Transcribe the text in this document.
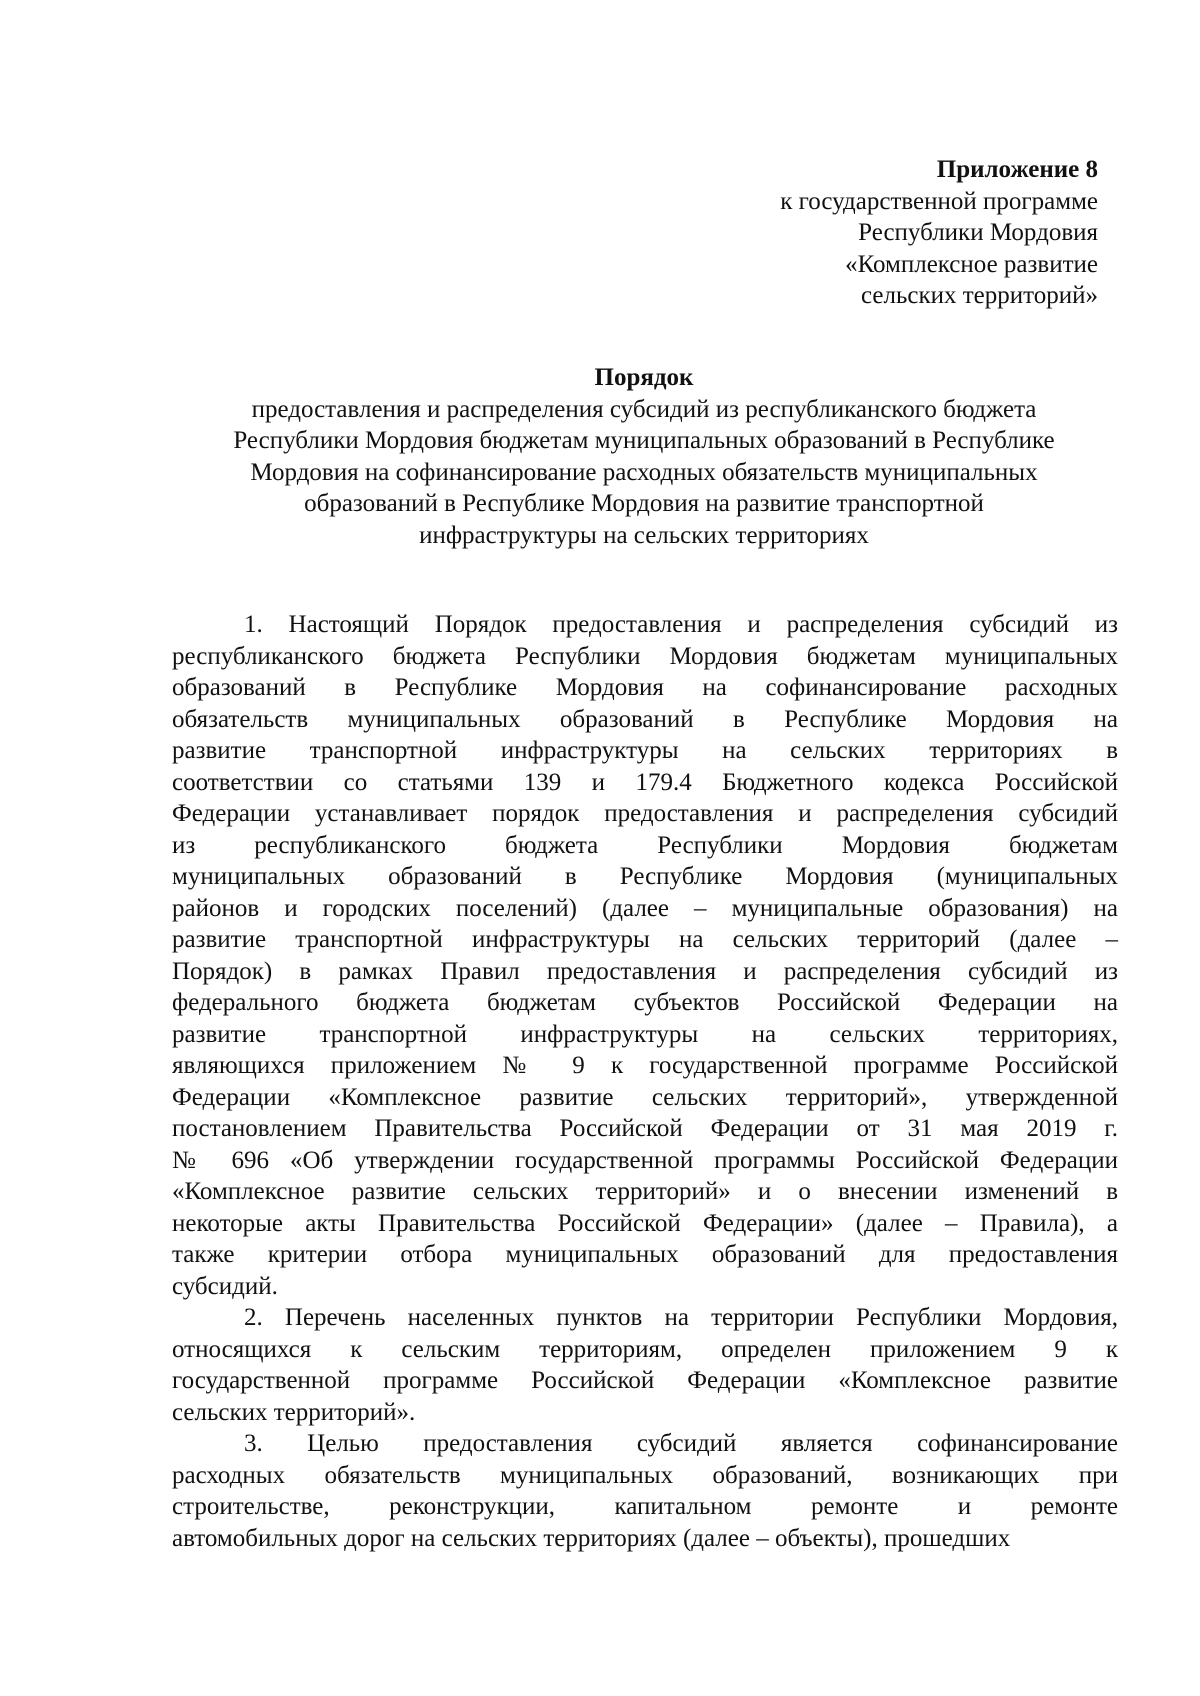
Приложение 8
к государственной программе
Республики Мордовия
«Комплексное развитие
сельских территорий»
Порядок
предоставления и распределения субсидий из республиканского бюджета
Республики Мордовия бюджетам муниципальных образований в Республике
Мордовия на софинансирование расходных обязательств муниципальных
образований в Республике Мордовия на развитие транспортной
инфраструктуры на сельских территориях
1. Настоящий Порядок предоставления и распределения субсидий из
республиканского бюджета Республики Мордовия бюджетам муниципальных
образований в Республике Мордовия на софинансирование расходных
обязательств муниципальных образований в Республике Мордовия на
развитие транспортной инфраструктуры на сельских территориях в
соответствии со статьями 139 и 179.4 Бюджетного кодекса Российской
Федерации устанавливает порядок предоставления и распределения субсидий
из республиканского бюджета Республики Мордовия бюджетам
муниципальных образований в Республике Мордовия (муниципальных
районов и городских поселений) (далее – муниципальные образования) на
развитие транспортной инфраструктуры на сельских территорий (далее –
Порядок) в рамках Правил предоставления и распределения субсидий из
федерального бюджета бюджетам субъектов Российской Федерации на
развитие транспортной инфраструктуры на сельских территориях,
являющихся приложением № 9 к государственной программе Российской
Федерации «Комплексное развитие сельских территорий», утвержденной
постановлением Правительства Российской Федерации от 31 мая 2019 г.
№ 696 «Об утверждении государственной программы Российской Федерации
«Комплексное развитие сельских территорий» и о внесении изменений в
некоторые акты Правительства Российской Федерации» (далее – Правила), а
также критерии отбора муниципальных образований для предоставления
субсидий.
2. Перечень населенных пунктов на территории Республики Мордовия,
относящихся к сельским территориям, определен приложением 9 к
государственной программе Российской Федерации «Комплексное развитие
сельских территорий».
3. Целью предоставления субсидий является софинансирование
расходных обязательств муниципальных образований, возникающих при
строительстве, реконструкции, капитальном ремонте и ремонте
автомобильных дорог на сельских территориях (далее – объекты), прошедших
